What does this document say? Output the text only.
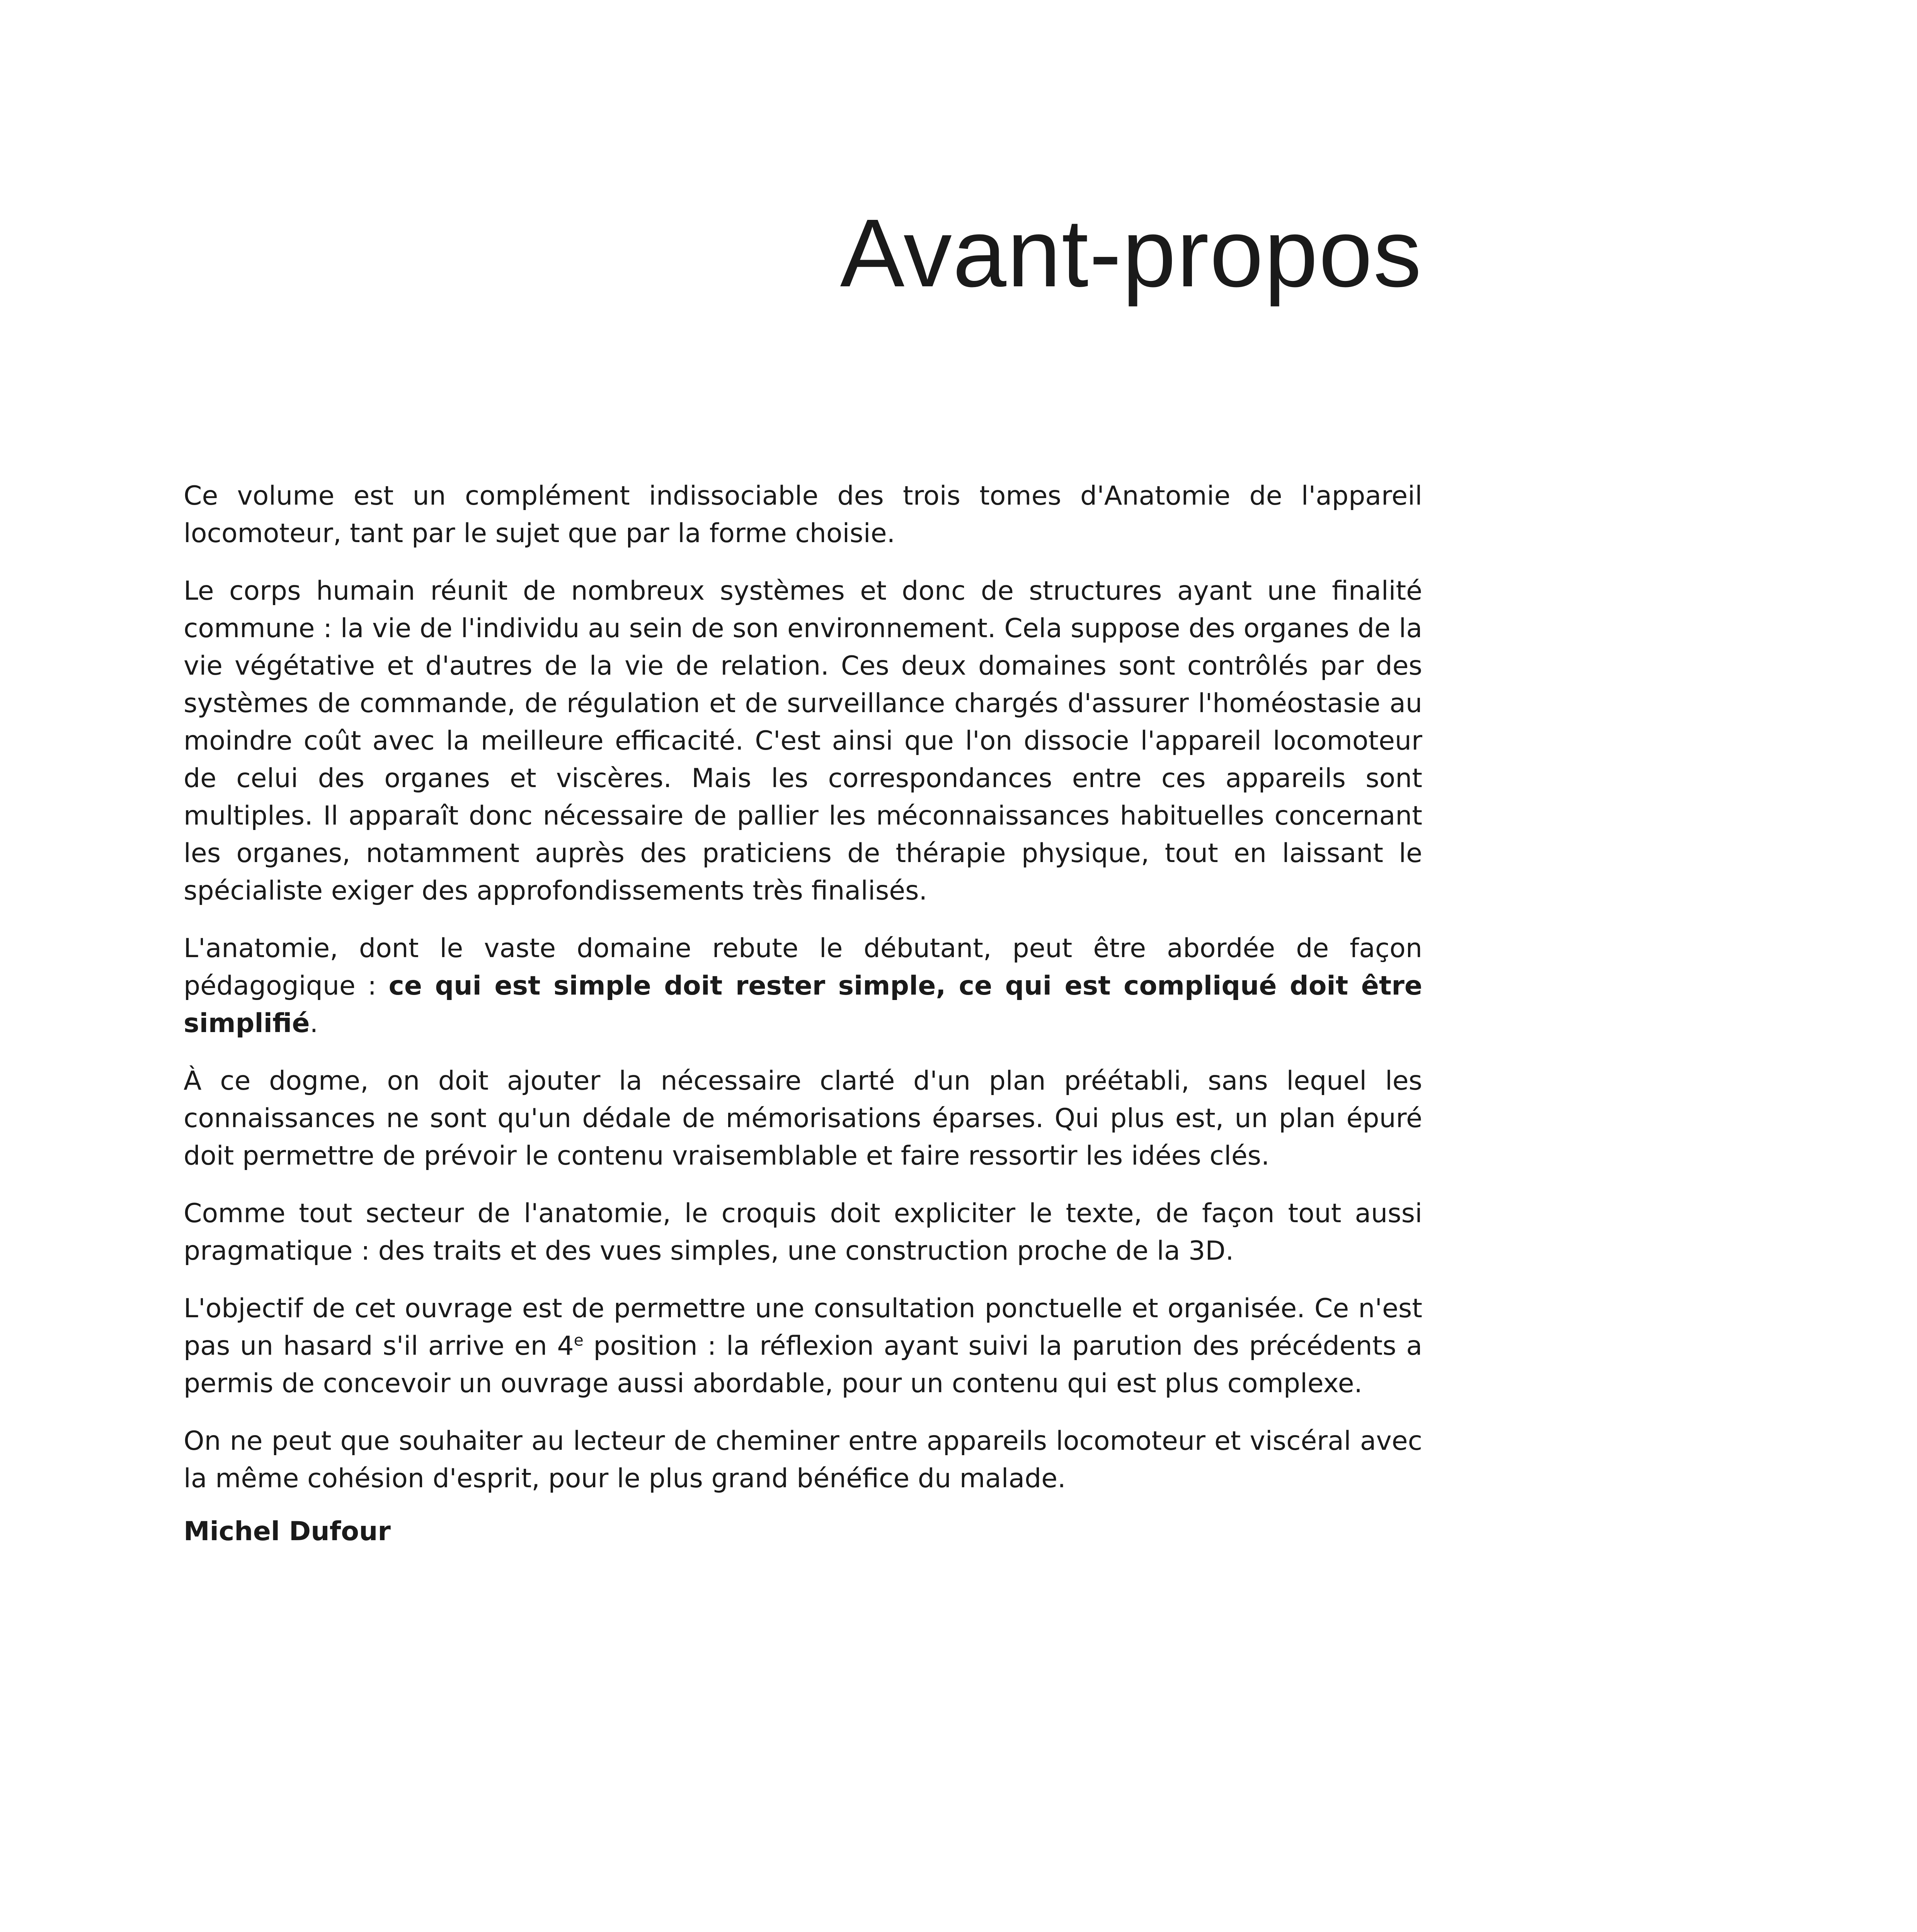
Avant-propos

Ce volume est un complément indissociable des trois tomes d'Anatomie de l'appareil locomoteur, tant par le sujet que par la forme choisie.

Le corps humain réunit de nombreux systèmes et donc de structures ayant une finalité commune : la vie de l'individu au sein de son environnement. Cela suppose des organes de la vie végétative et d'autres de la vie de relation. Ces deux domaines sont contrôlés par des systèmes de commande, de régulation et de surveillance chargés d'assurer l'homéostasie au moindre coût avec la meilleure efficacité. C'est ainsi que l'on dissocie l'appareil locomoteur de celui des organes et viscères. Mais les correspondances entre ces appareils sont multiples. Il apparaît donc nécessaire de pallier les méconnaissances habituelles concernant les organes, notamment auprès des praticiens de thérapie physique, tout en laissant le spécialiste exiger des approfondissements très finalisés.

L'anatomie, dont le vaste domaine rebute le débutant, peut être abordée de façon pédagogique : ce qui est simple doit rester simple, ce qui est compliqué doit être simplifié.

À ce dogme, on doit ajouter la nécessaire clarté d'un plan préétabli, sans lequel les connaissances ne sont qu'un dédale de mémorisations éparses. Qui plus est, un plan épuré doit permettre de prévoir le contenu vraisemblable et faire ressortir les idées clés.

Comme tout secteur de l'anatomie, le croquis doit expliciter le texte, de façon tout aussi pragmatique : des traits et des vues simples, une construction proche de la 3D.

L'objectif de cet ouvrage est de permettre une consultation ponctuelle et organisée. Ce n'est pas un hasard s'il arrive en 4e position : la réflexion ayant suivi la parution des précédents a permis de concevoir un ouvrage aussi abordable, pour un contenu qui est plus complexe.

On ne peut que souhaiter au lecteur de cheminer entre appareils locomoteur et viscéral avec la même cohésion d'esprit, pour le plus grand bénéfice du malade.

Michel Dufour
